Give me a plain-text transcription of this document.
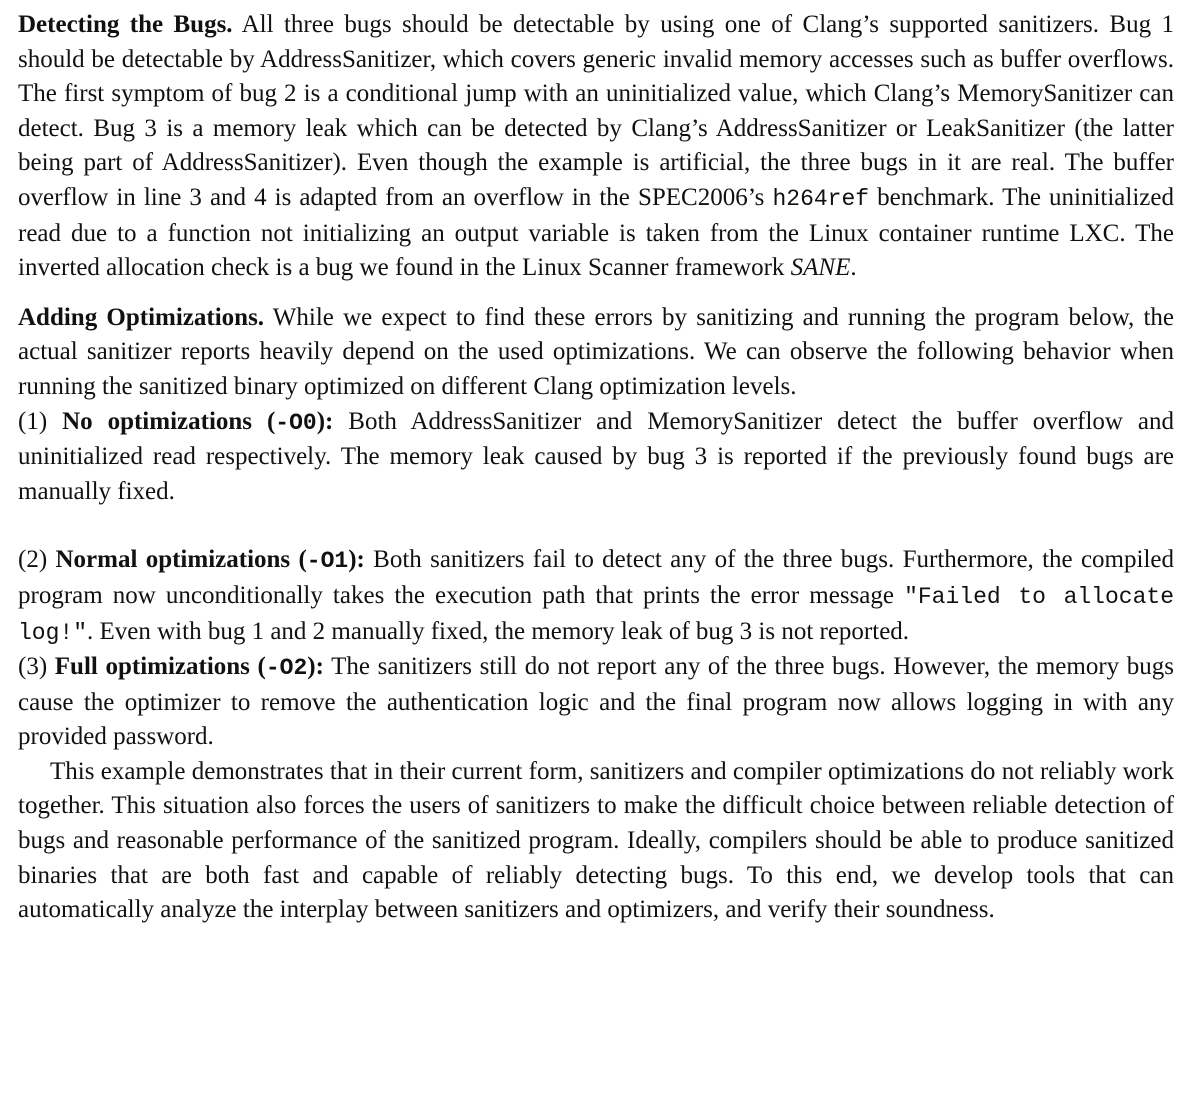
Detecting the Bugs. All three bugs should be detectable by using one of Clang’s supported sanitizers. Bug 1 should be detectable by AddressSanitizer, which covers generic invalid memory accesses such as buffer overflows. The first symptom of bug 2 is a conditional jump with an uninitialized value, which Clang’s MemorySanitizer can detect. Bug 3 is a memory leak which can be detected by Clang’s AddressSanitizer or LeakSanitizer (the latter being part of AddressSanitizer). Even though the example is artificial, the three bugs in it are real. The buffer overflow in line 3 and 4 is adapted from an overflow in the SPEC2006’s h264ref benchmark. The uninitialized read due to a function not initializing an output variable is taken from the Linux container runtime LXC. The inverted allocation check is a bug we found in the Linux Scanner framework SANE.

Adding Optimizations. While we expect to find these errors by sanitizing and running the program below, the actual sanitizer reports heavily depend on the used optimizations. We can observe the following behavior when running the sanitized binary optimized on different Clang optimization levels.

(1) No optimizations (-O0): Both AddressSanitizer and MemorySanitizer detect the buffer overflow and uninitialized read respectively. The memory leak caused by bug 3 is reported if the previously found bugs are manually fixed.

(2) Normal optimizations (-O1): Both sanitizers fail to detect any of the three bugs. Furthermore, the compiled program now unconditionally takes the execution path that prints the error message "Failed to allocate log!". Even with bug 1 and 2 manually fixed, the memory leak of bug 3 is not reported.

(3) Full optimizations (-O2): The sanitizers still do not report any of the three bugs. However, the memory bugs cause the optimizer to remove the authentication logic and the final program now allows logging in with any provided password.

This example demonstrates that in their current form, sanitizers and compiler optimizations do not reliably work together. This situation also forces the users of sanitizers to make the difficult choice between reliable detection of bugs and reasonable performance of the sanitized program. Ideally, compilers should be able to produce sanitized binaries that are both fast and capable of reliably detecting bugs. To this end, we develop tools that can automatically analyze the interplay between sanitizers and optimizers, and verify their soundness.
